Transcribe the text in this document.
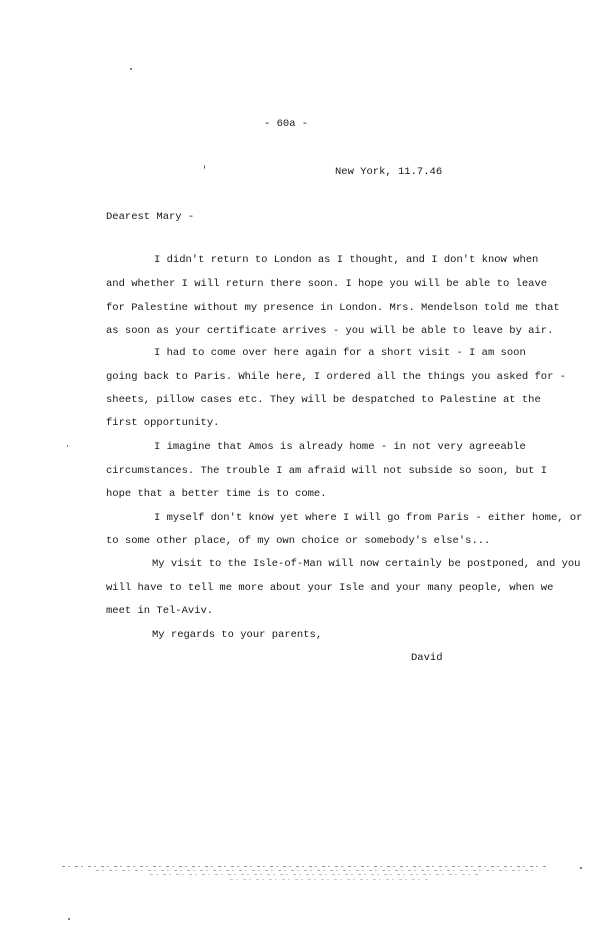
- 60a -
New York, 11.7.46
Dearest Mary -
I didn't return to London as I thought, and I don't know when
and whether I will return there soon. I hope you will be able to leave
for Palestine without my presence in London. Mrs. Mendelson told me that
as soon as your certificate arrives - you will be able to leave by air.
I had to come over here again for a short visit - I am soon
going back to Paris. While here, I ordered all the things you asked for -
sheets, pillow cases etc. They will be despatched to Palestine at the
first opportunity.
I imagine that Amos is already home - in not very agreeable
circumstances. The trouble I am afraid will not subside so soon, but I
hope that a better time is to come.
I myself don't know yet where I will go from Paris - either home, or
to some other place, of my own choice or somebody's else's...
My visit to the Isle-of-Man will now certainly be postponed, and you
will have to tell me more about your Isle and your many people, when we
meet in Tel-Aviv.
My regards to your parents,
David
